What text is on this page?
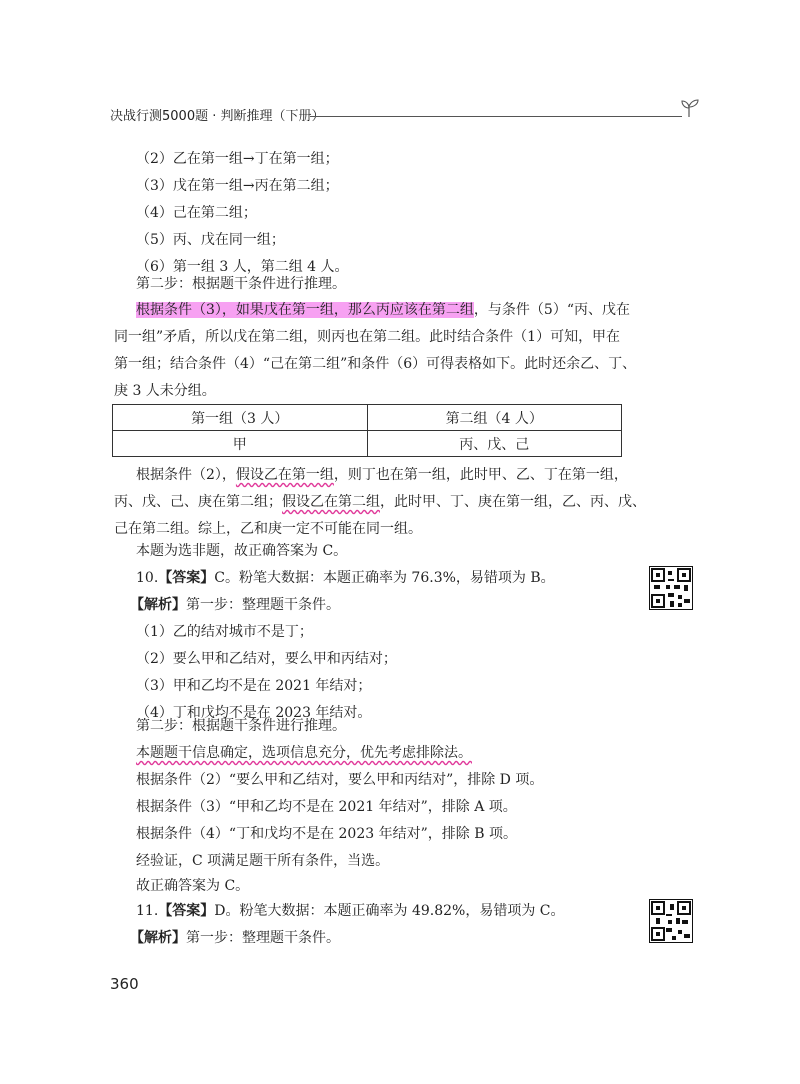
决战行测5000题 · 判断推理（下册）
（2）乙在第一组→丁在第一组；
（3）戊在第一组→丙在第二组；
（4）己在第二组；
（5）丙、戊在同一组；
（6）第一组 3 人，第二组 4 人。
第二步：根据题干条件进行推理。

根据条件（3），如果戊在第一组，那么丙应该在第二组，与条件（5）“丙、戊在

同一组”矛盾，所以戊在第二组，则丙也在第二组。此时结合条件（1）可知，甲在

第一组；结合条件（4）“己在第二组”和条件（6）可得表格如下。此时还余乙、丁、

庚 3 人未分组。

第一组（3 人）	第二组（4 人）
甲	丙、戊、己

根据条件（2），假设乙在第一组，则丁也在第一组，此时甲、乙、丁在第一组，

丙、戊、己、庚在第二组；假设乙在第二组，此时甲、丁、庚在第一组，乙、丙、戊、

己在第二组。综上，乙和庚一定不可能在同一组。

本题为选非题，故正确答案为 C。
10.【答案】C。粉笔大数据：本题正确率为 76.3%，易错项为 B。
【解析】第一步：整理题干条件。
（1）乙的结对城市不是丁；
（2）要么甲和乙结对，要么甲和丙结对；
（3）甲和乙均不是在 2021 年结对；
（4）丁和戊均不是在 2023 年结对。
第二步：根据题干条件进行推理。
本题题干信息确定，选项信息充分，优先考虑排除法。
根据条件（2）“要么甲和乙结对，要么甲和丙结对”，排除 D 项。
根据条件（3）“甲和乙均不是在 2021 年结对”，排除 A 项。
根据条件（4）“丁和戊均不是在 2023 年结对”，排除 B 项。
经验证，C 项满足题干所有条件，当选。
故正确答案为 C。
11.【答案】D。粉笔大数据：本题正确率为 49.82%，易错项为 C。
【解析】第一步：整理题干条件。
360
